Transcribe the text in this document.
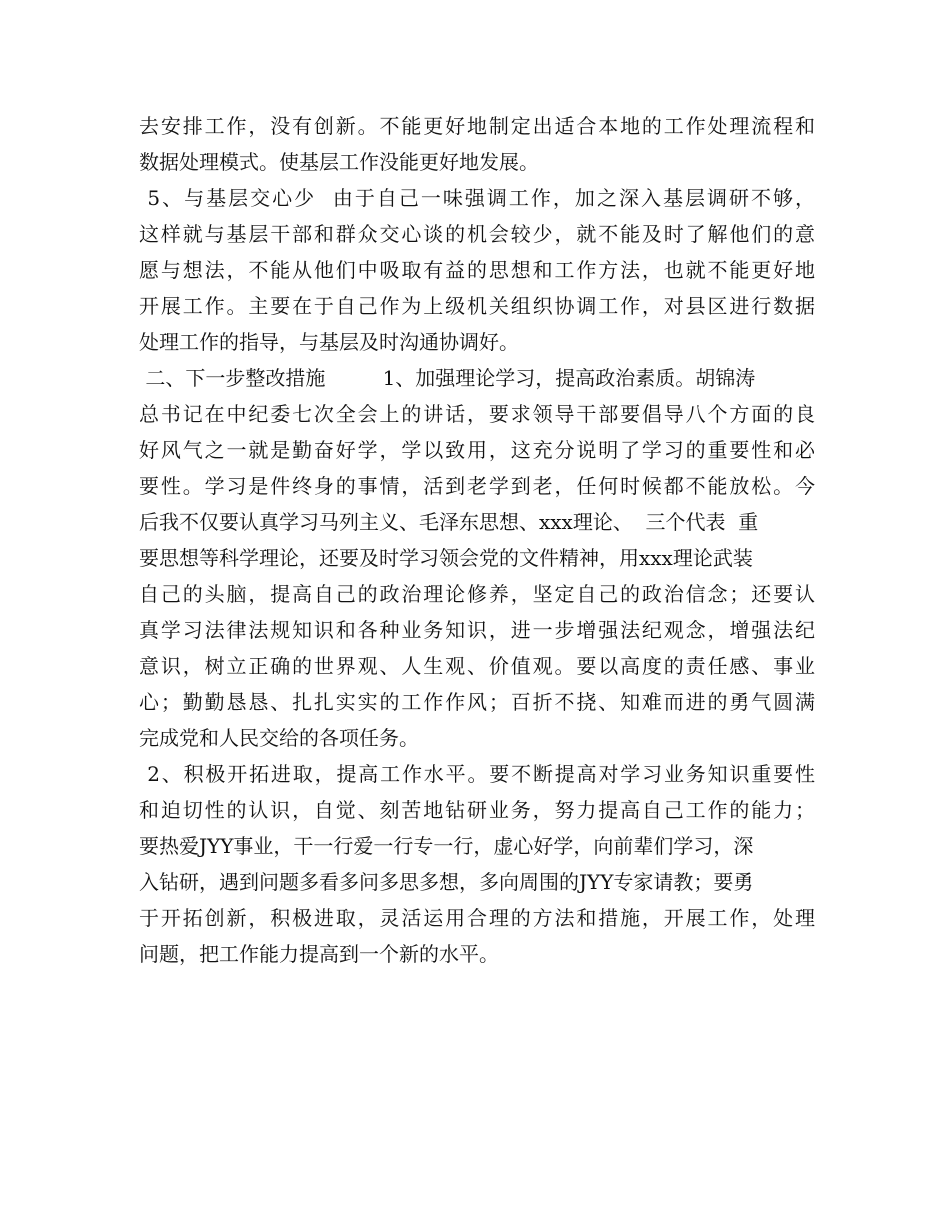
去安排工作，没有创新。不能更好地制定出适合本地的工作处理流程和
数据处理模式。使基层工作没能更好地发展。
5、与基层交心少  由于自己一味强调工作，加之深入基层调研不够，
这样就与基层干部和群众交心谈的机会较少，就不能及时了解他们的意
愿与想法，不能从他们中吸取有益的思想和工作方法，也就不能更好地
开展工作。主要在于自己作为上级机关组织协调工作，对县区进行数据
处理工作的指导，与基层及时沟通协调好。
二、下一步整改措施         1、加强理论学习，提高政治素质。胡锦涛
总书记在中纪委七次全会上的讲话，要求领导干部要倡导八个方面的良
好风气之一就是勤奋好学，学以致用，这充分说明了学习的重要性和必
要性。学习是件终身的事情，活到老学到老，任何时候都不能放松。今
后我不仅要认真学习马列主义、毛泽东思想、xxx理论、  三个代表  重
要思想等科学理论，还要及时学习领会党的文件精神，用xxx理论武装
自己的头脑，提高自己的政治理论修养，坚定自己的政治信念；还要认
真学习法律法规知识和各种业务知识，进一步增强法纪观念，增强法纪
意识，树立正确的世界观、人生观、价值观。要以高度的责任感、事业
心；勤勤恳恳、扎扎实实的工作作风；百折不挠、知难而进的勇气圆满
完成党和人民交给的各项任务。
2、积极开拓进取，提高工作水平。要不断提高对学习业务知识重要性
和迫切性的认识，自觉、刻苦地钻研业务，努力提高自己工作的能力；
要热爱JYY事业，干一行爱一行专一行，虚心好学，向前辈们学习，深
入钻研，遇到问题多看多问多思多想，多向周围的JYY专家请教；要勇
于开拓创新，积极进取，灵活运用合理的方法和措施，开展工作，处理
问题，把工作能力提高到一个新的水平。
